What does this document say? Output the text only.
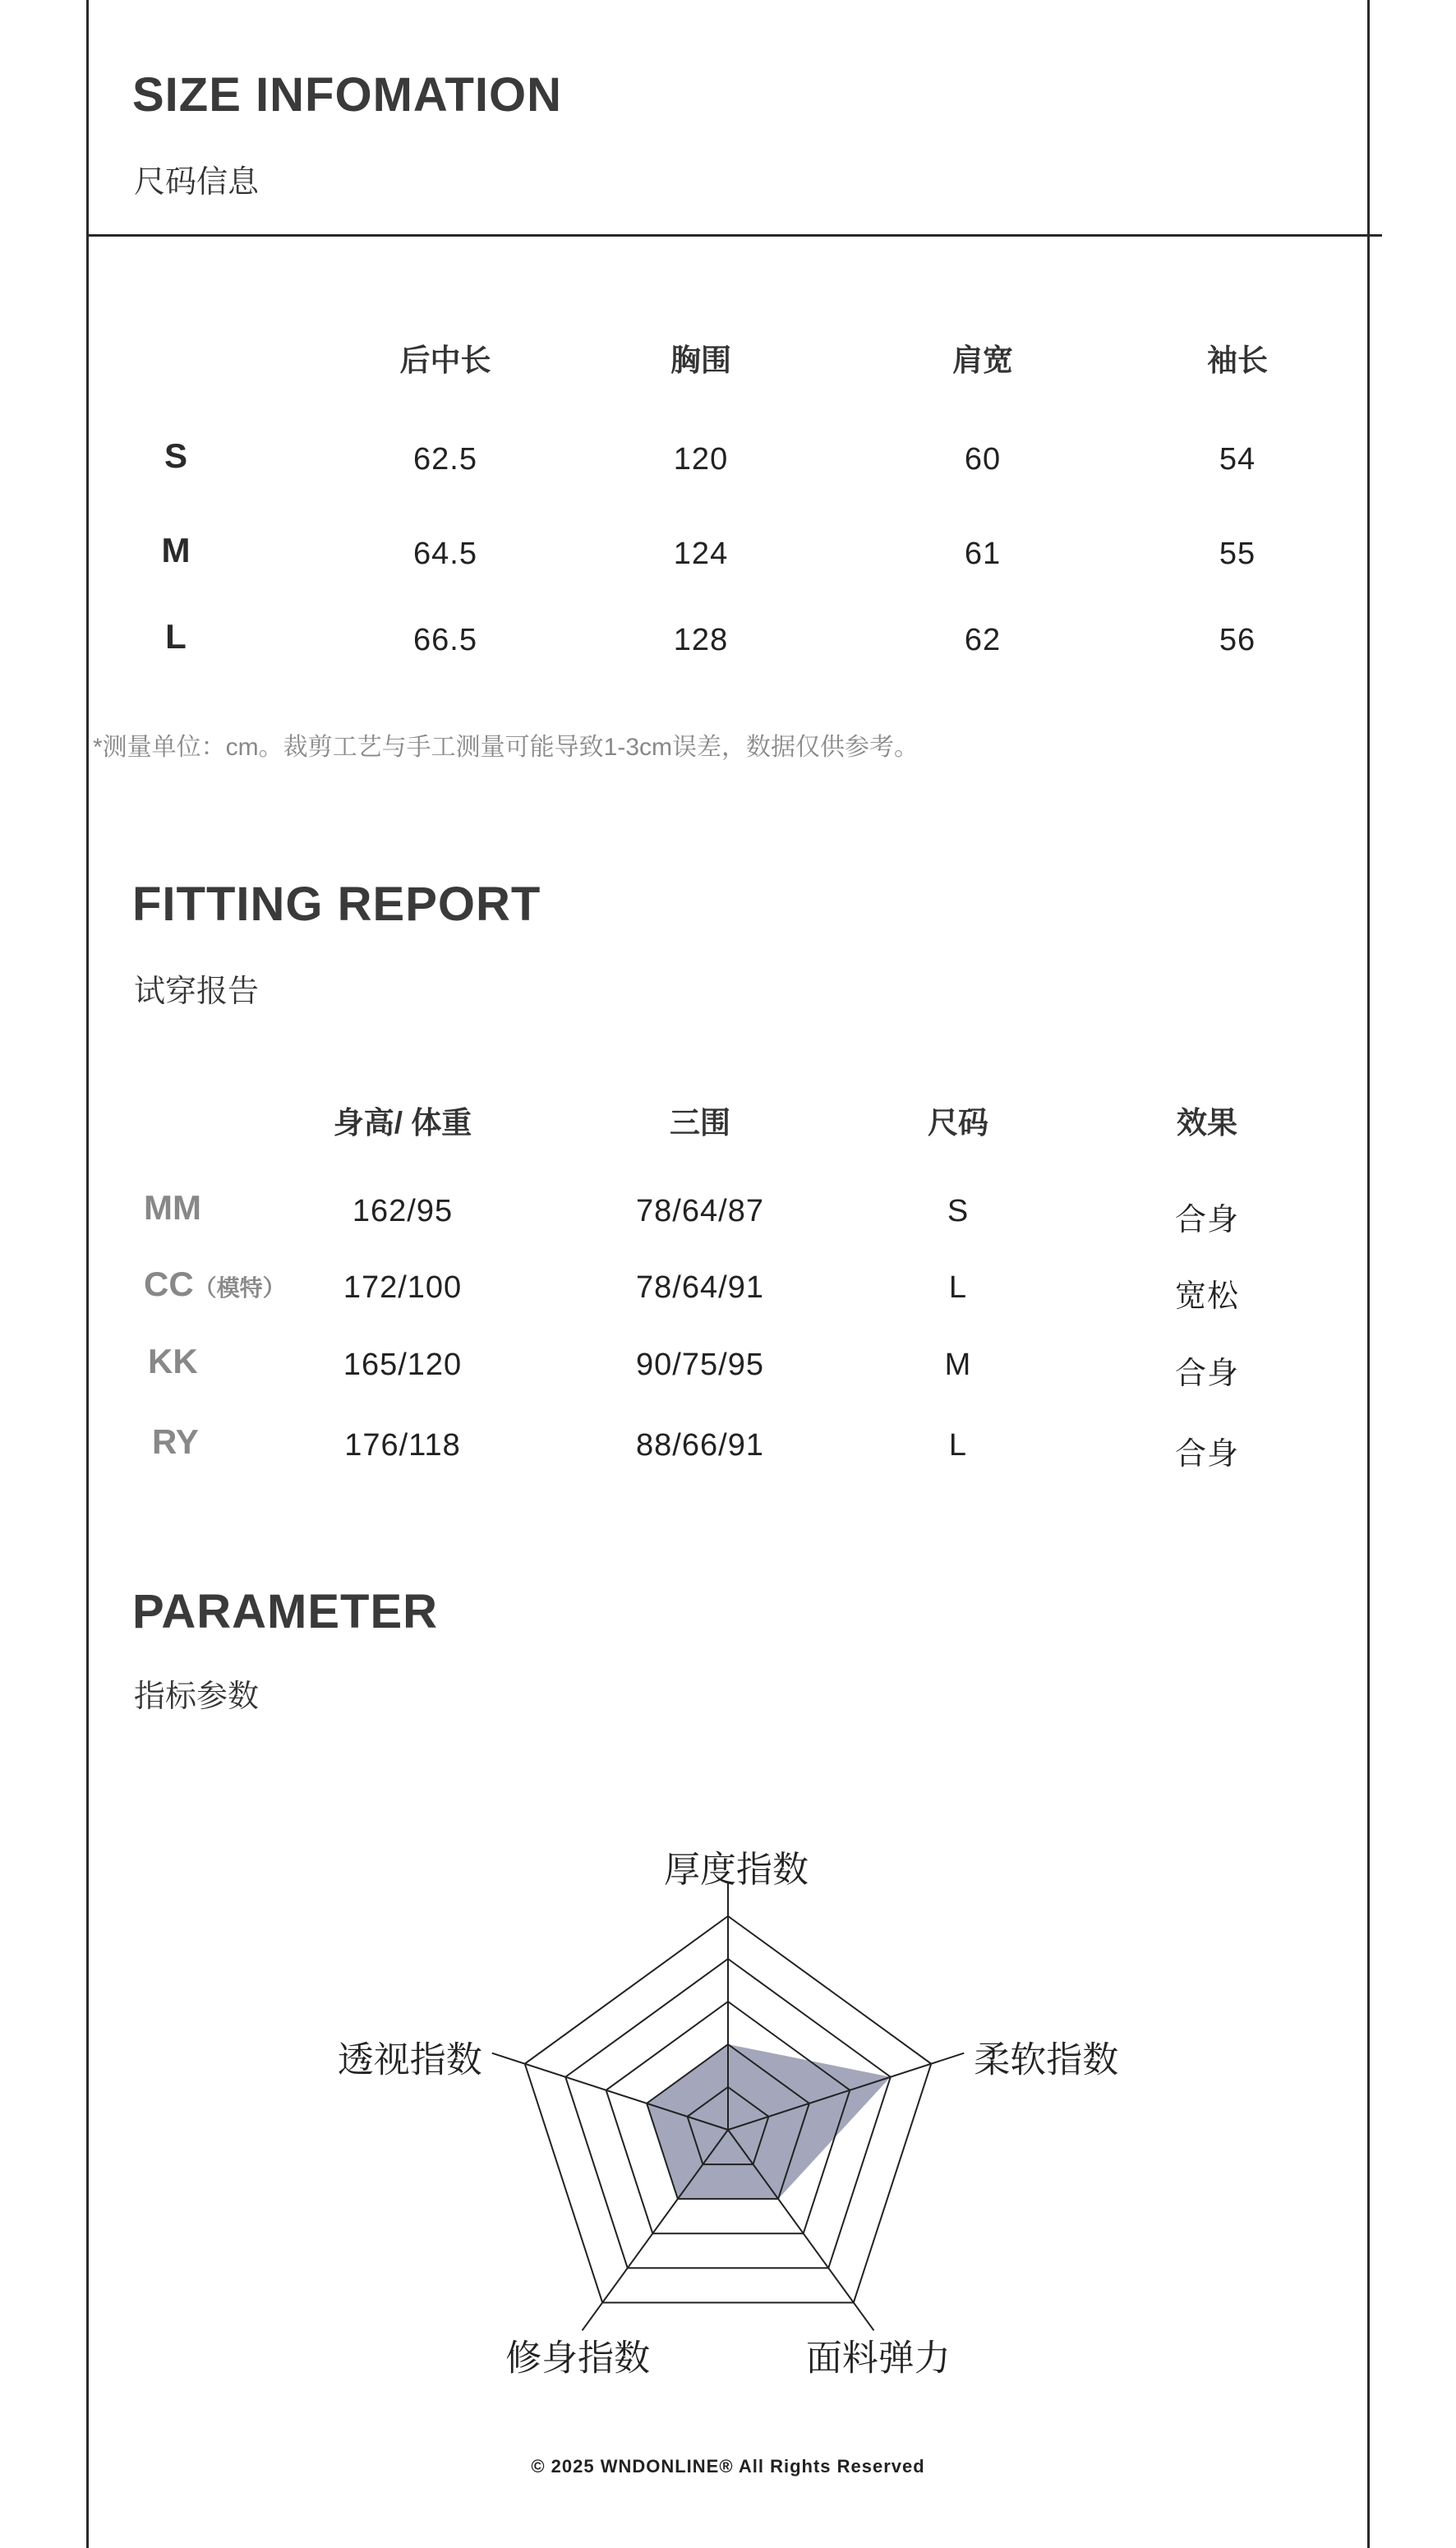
SIZE INFOMATION
尺码信息
后中长	胸围	肩宽	袖长
S	62.5	120	60	54
M	64.5	124	61	55
L	66.5	128	62	56
*测量单位：cm。裁剪工艺与手工测量可能导致1-3cm误差，数据仅供参考。
FITTING REPORT
试穿报告
身高/ 体重	三围	尺码	效果
MM	162/95	78/64/87	S	合身
CC（模特） 172/100	78/64/91	L	宽松
KK	165/120	90/75/95	M	合身
RY	176/118	88/66/91	L	合身
PARAMETER
指标参数
厚度指数
柔软指数
面料弹力
修身指数
透视指数
© 2025 WNDONLINE® All Rights Reserved
